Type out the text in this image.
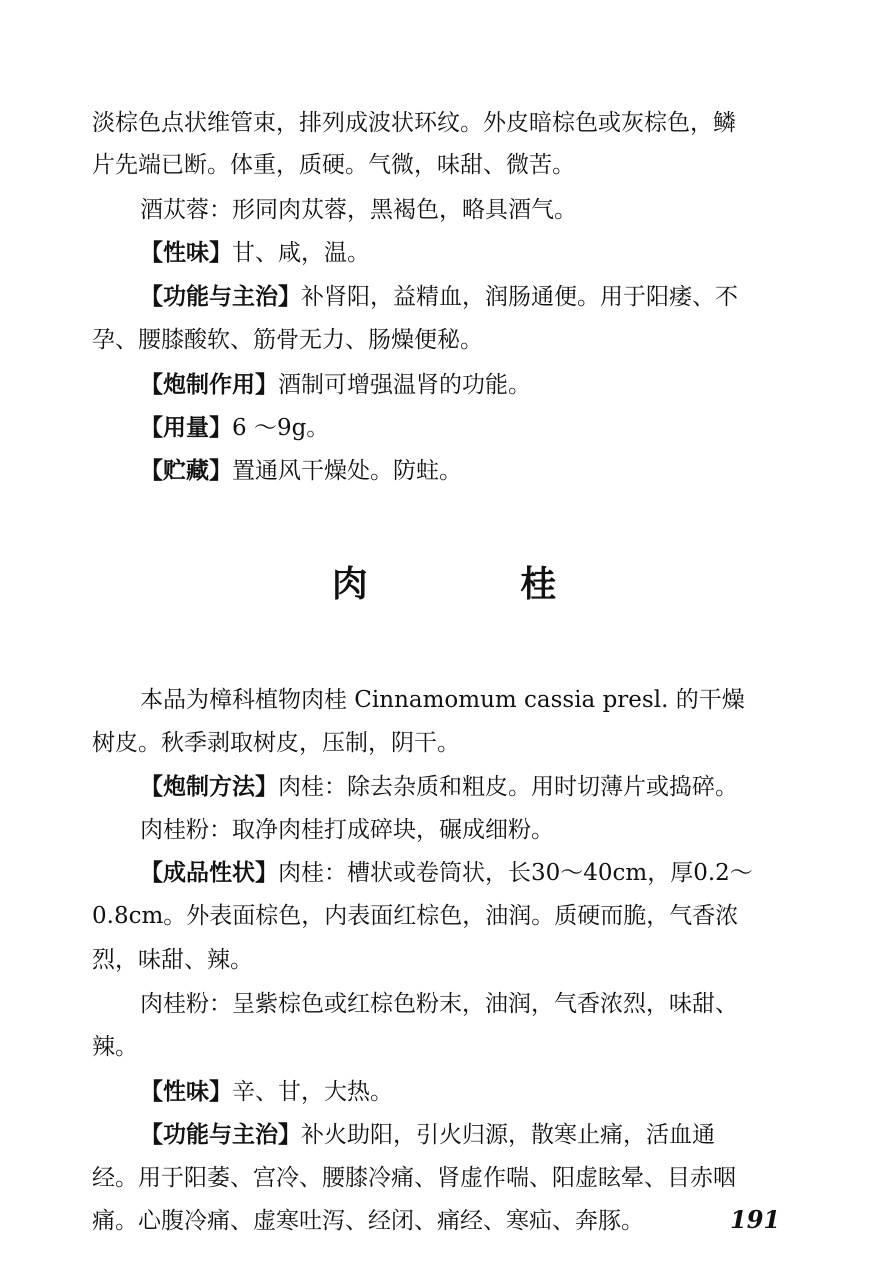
淡棕色点状维管束，排列成波状环纹。外皮暗棕色或灰棕色，鳞
片先端已断。体重，质硬。气微，味甜、微苦。
酒苁蓉：形同肉苁蓉，黑褐色，略具酒气。
【性味】 甘、咸，温。
【功能与主治】 补肾阳，益精血，润肠通便。用于阳痿、不
孕、腰膝酸软、筋骨无力、肠燥便秘。
【炮制作用】 酒制可增强温肾的功能。
【用量】 6 ～9g。
【贮藏】 置通风干燥处。防蛀。
肉 桂
本品为樟科植物肉桂 Cinnamomum cassia presl. 的干燥
树皮。秋季剥取树皮，压制，阴干。
【炮制方法】 肉桂：除去杂质和粗皮。用时切薄片或捣碎。
肉桂粉：取净肉桂打成碎块，碾成细粉。
【成品性状】 肉桂：槽状或卷筒状，长30～40cm，厚0.2～
0.8cm。外表面棕色，内表面红棕色，油润。质硬而脆，气香浓
烈，味甜、辣。
肉桂粉：呈紫棕色或红棕色粉末，油润，气香浓烈，味甜、
辣。
【性味】 辛、甘，大热。
【功能与主治】 补火助阳，引火归源，散寒止痛，活血通
经。用于阳萎、宫冷、腰膝冷痛、肾虚作喘、阳虚眩晕、目赤咽
痛。心腹冷痛、虚寒吐泻、经闭、痛经、寒疝、奔豚。	191
